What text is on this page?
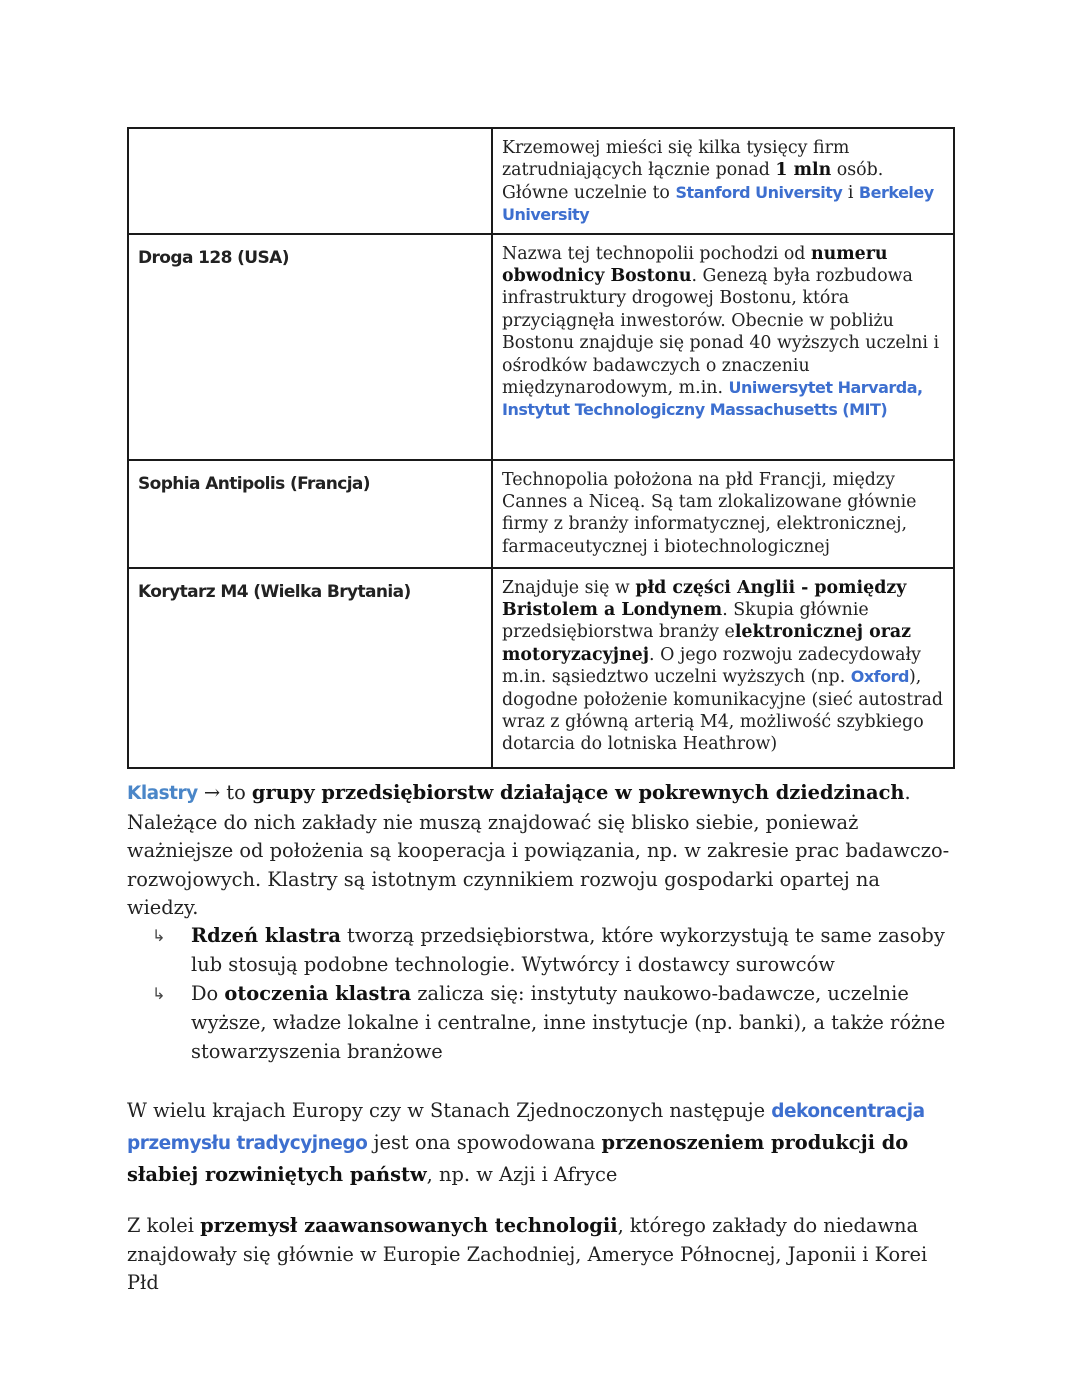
	Krzemowej mieści się kilka tysięcy firm zatrudniających łącznie ponad 1 mln osób. Główne uczelnie to Stanford University i Berkeley University
Droga 128 (USA)	Nazwa tej technopolii pochodzi od numeru obwodnicy Bostonu. Genezą była rozbudowa infrastruktury drogowej Bostonu, która przyciągnęła inwestorów. Obecnie w pobliżu Bostonu znajduje się ponad 40 wyższych uczelni i ośrodków badawczych o znaczeniu międzynarodowym, m.in. Uniwersytet Harvarda, Instytut Technologiczny Massachusetts (MIT)
Sophia Antipolis (Francja)	Technopolia położona na płd Francji, między Cannes a Niceą. Są tam zlokalizowane głównie firmy z branży informatycznej, elektronicznej, farmaceutycznej i biotechnologicznej
Korytarz M4 (Wielka Brytania)	Znajduje się w płd części Anglii - pomiędzy Bristolem a Londynem. Skupia głównie przedsiębiorstwa branży elektronicznej oraz motoryzacyjnej. O jego rozwoju zadecydowały m.in. sąsiedztwo uczelni wyższych (np. Oxford), dogodne położenie komunikacyjne (sieć autostrad wraz z główną arterią M4, możliwość szybkiego dotarcia do lotniska Heathrow)

Klastry → to grupy przedsiębiorstw działające w pokrewnych dziedzinach. Należące do nich zakłady nie muszą znajdować się blisko siebie, ponieważ ważniejsze od położenia są kooperacja i powiązania, np. w zakresie prac badawczo-rozwojowych. Klastry są istotnym czynnikiem rozwoju gospodarki opartej na wiedzy.

↳ Rdzeń klastra tworzą przedsiębiorstwa, które wykorzystują te same zasoby lub stosują podobne technologie. Wytwórcy i dostawcy surowców
↳ Do otoczenia klastra zalicza się: instytuty naukowo-badawcze, uczelnie wyższe, władze lokalne i centralne, inne instytucje (np. banki), a także różne stowarzyszenia branżowe

W wielu krajach Europy czy w Stanach Zjednoczonych następuje dekoncentracja przemysłu tradycyjnego jest ona spowodowana przenoszeniem produkcji do słabiej rozwiniętych państw, np. w Azji i Afryce

Z kolei przemysł zaawansowanych technologii, którego zakłady do niedawna znajdowały się głównie w Europie Zachodniej, Ameryce Północnej, Japonii i Korei Płd
